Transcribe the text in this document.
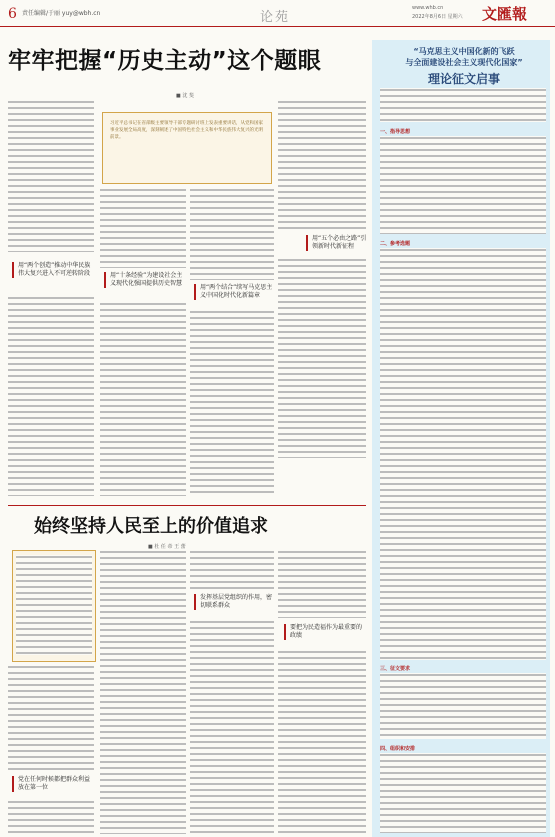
6 责任编辑/于丽 yuy@wbh.cn	论苑
www.whb.cn
2022年8月6日 星期六 文匯報
牢牢把握“历史主动”这个题眼
■ 沈 斐
习近平总书记在省部级主要领导干部专题研讨班上发表重要讲话，从党和国家事业发展全局高度，深刻阐述了中国特色社会主义和中华民族伟大复兴的光明前景。
用“五个必由之路”引领新时代新征程
用“两个创造”推动中华民族伟大复兴进入不可逆转阶段	用“十条经验”为建设社会主义现代化强国提供历史智慧
用“两个结合”续写马克思主义中国化时代化新篇章
“马克思主义中国化新的飞跃
与全面建设社会主义现代化国家”
理论征文启事
一、指导思想
二、参考选题
三、征文要求
四、组织和安排
始终坚持人民至上的价值追求
■ 杜 任 帝 王 蕾
党在任何时候都把群众利益放在第一位
发挥基层党组织的作用，密切联系群众
要把为民造福作为最重要的政绩
